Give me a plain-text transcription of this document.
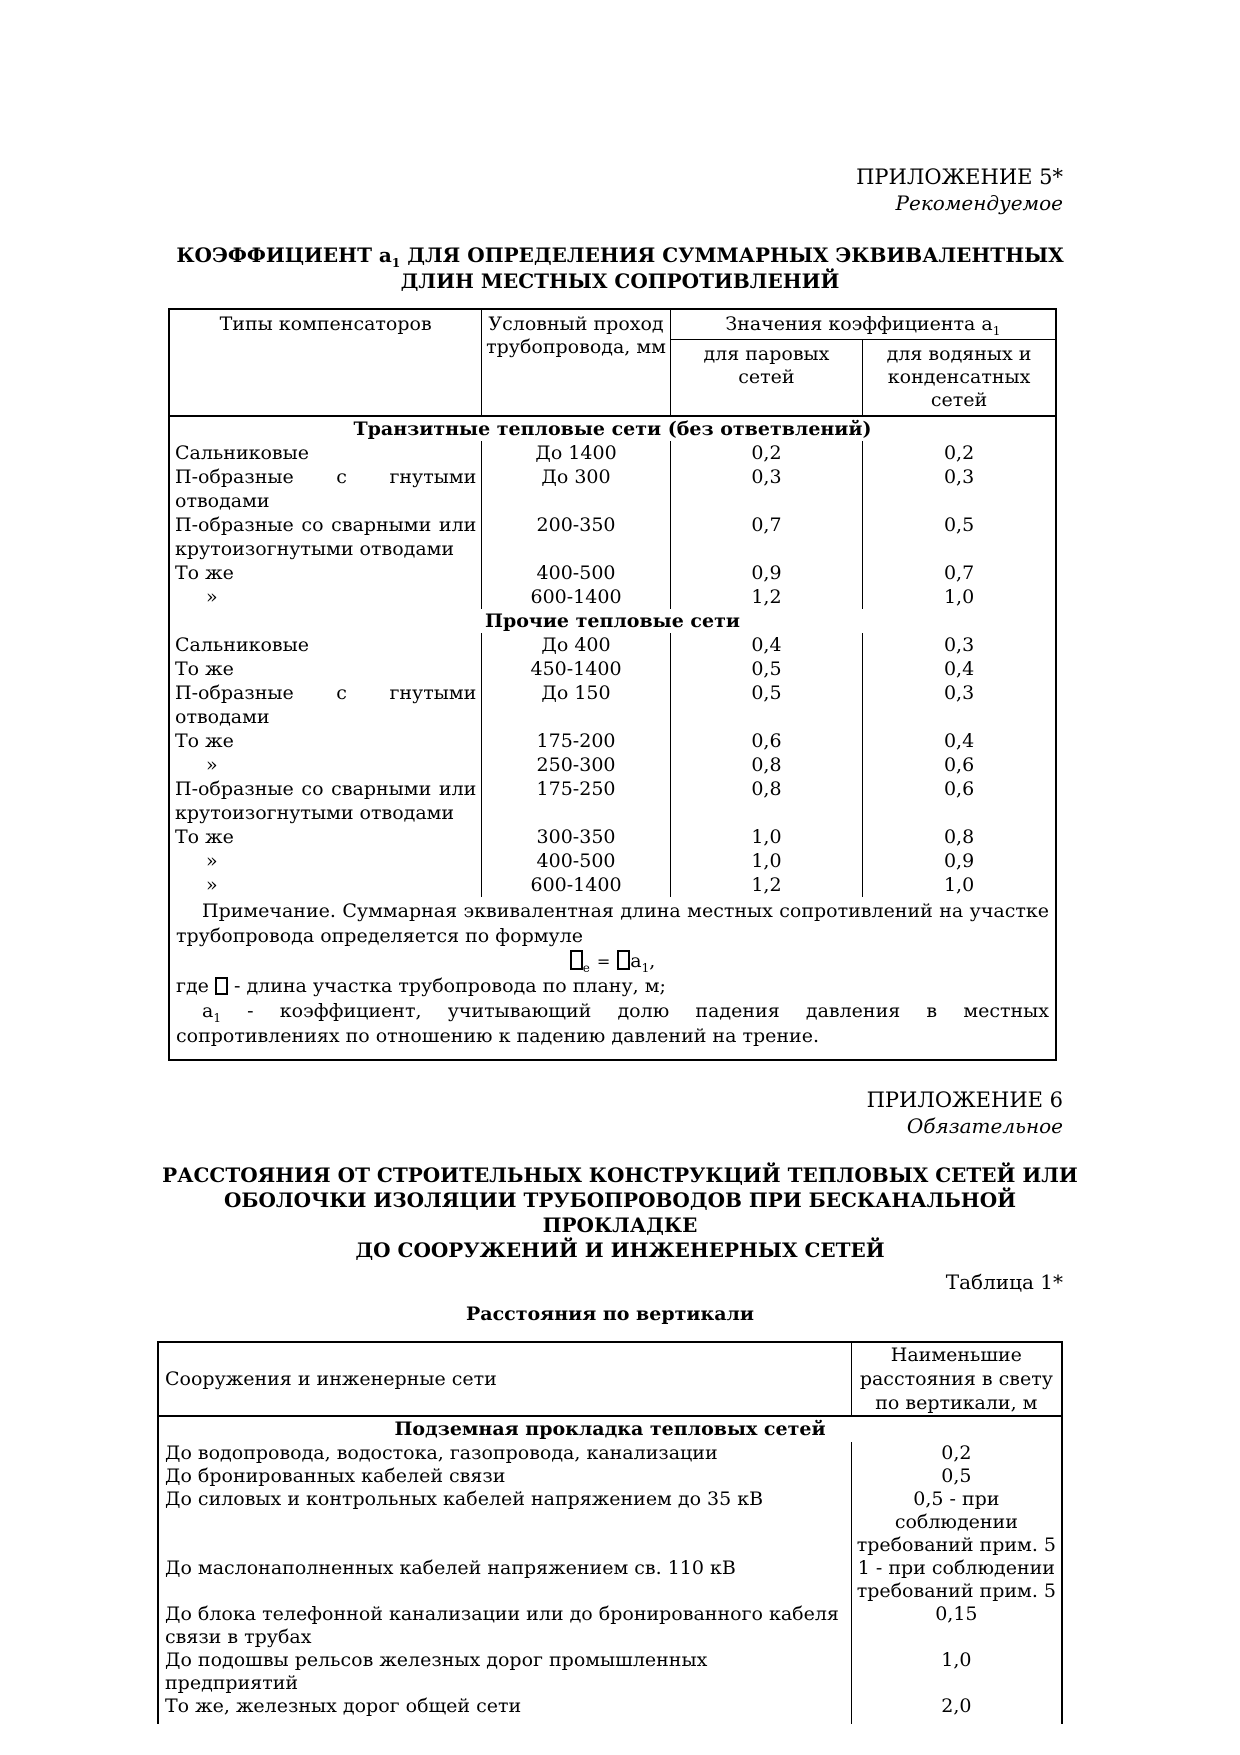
ПРИЛОЖЕНИЕ 5*
Рекомендуемое
КОЭФФИЦИЕНТ $а_1$ ДЛЯ ОПРЕДЕЛЕНИЯ СУММАРНЫХ ЭКВИВАЛЕНТНЫХ
ДЛИН МЕСТНЫХ СОПРОТИВЛЕНИЙ
Типы компенсаторов	Условный проход трубопровода, мм	Значения коэффициента $а_1$
		для паровых сетей	для водяных и конденсатных сетей
Транзитные тепловые сети (без ответвлений)			
Сальниковые	До 1400	0,2	0,2
П-образные с гнутыми отводами	До 300	0,3	0,3
П-образные со сварными или крутоизогнутыми отводами	200-350	0,7	0,5
То же	400-500	0,9	0,7
»	600-1400	1,2	1,0
Прочие тепловые сети			
Сальниковые	До 400	0,4	0,3
То же	450-1400	0,5	0,4
П-образные с гнутыми отводами	До 150	0,5	0,3
То же	175-200	0,6	0,4
»	250-300	0,8	0,6
П-образные со сварными или крутоизогнутыми отводами	175-250	0,8	0,6
То же	300-350	1,0	0,8
»	400-500	1,0	0,9
»	600-1400	1,2	1,0

Примечание. Суммарная эквивалентная длина местных сопротивлений на участке трубопровода определяется по формуле

$_e = а_1$,

где - длина участка трубопровода по плану, м;

$а_1$ - коэффициент, учитывающий долю падения давления в местных сопротивлениях по отношению к падению давлений на трение.

ПРИЛОЖЕНИЕ 6
Обязательное
РАССТОЯНИЯ ОТ СТРОИТЕЛЬНЫХ КОНСТРУКЦИЙ ТЕПЛОВЫХ СЕТЕЙ ИЛИ
ОБОЛОЧКИ ИЗОЛЯЦИИ ТРУБОПРОВОДОВ ПРИ БЕСКАНАЛЬНОЙ ПРОКЛАДКЕ
ДО СООРУЖЕНИЙ И ИНЖЕНЕРНЫХ СЕТЕЙ
Таблица 1*
Расстояния по вертикали
Сооружения и инженерные сети	Наименьшие расстояния в свету по вертикали, м
Подземная прокладка тепловых сетей	
До водопровода, водостока, газопровода, канализации	0,2
До бронированных кабелей связи	0,5
До силовых и контрольных кабелей напряжением до 35 кВ	0,5 - при соблюдении требований прим. 5
До маслонаполненных кабелей напряжением св. 110 кВ	1 - при соблюдении требований прим. 5
До блока телефонной канализации или до бронированного кабеля связи в трубах	0,15
До подошвы рельсов железных дорог промышленных предприятий	1,0
То же, железных дорог общей сети	2,0
